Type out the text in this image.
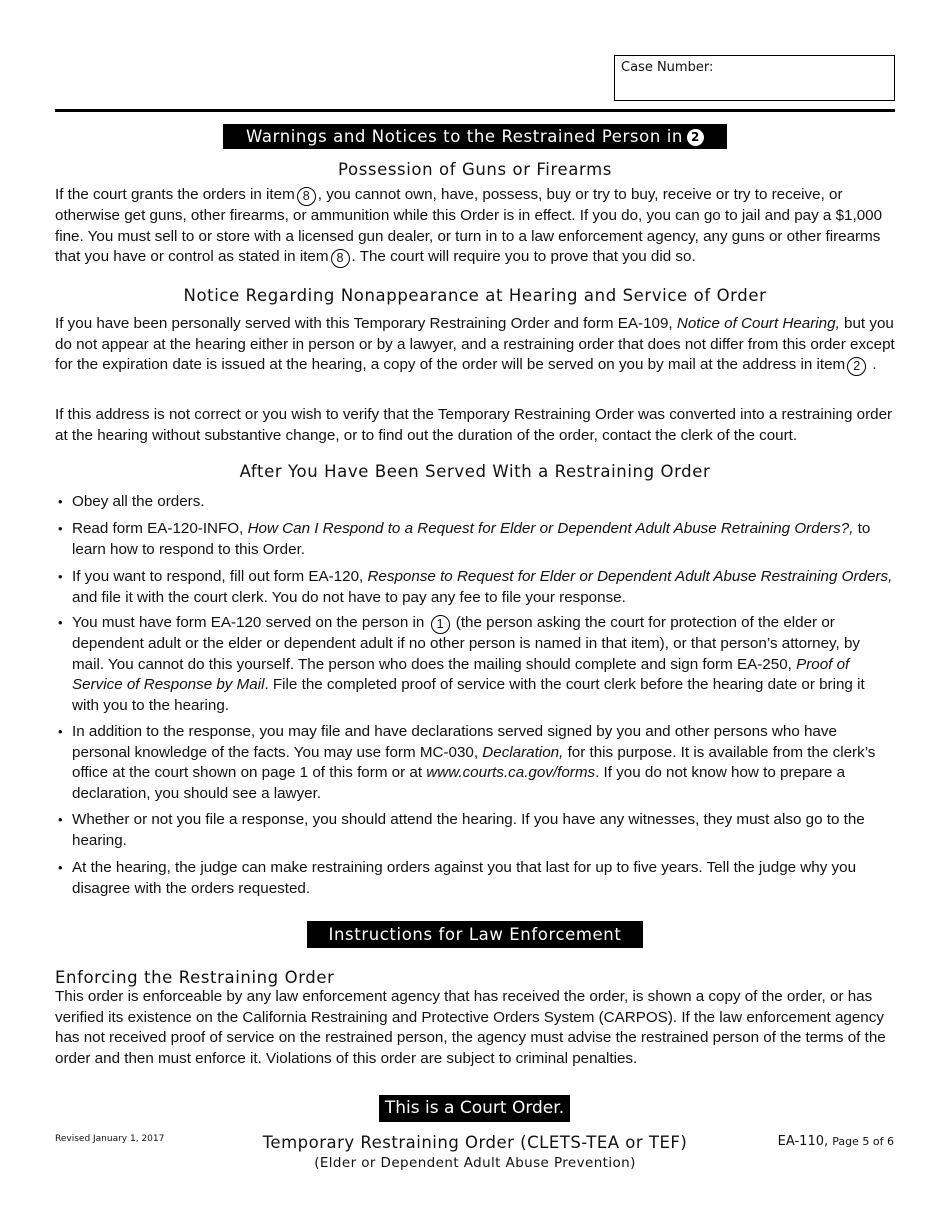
Case Number:
Warnings and Notices to the Restrained Person in 2
Possession of Guns or Firearms

If the court grants the orders in item 8 , you cannot own, have, possess, buy or try to buy, receive or try to receive, or otherwise get guns, other firearms, or ammunition while this Order is in effect. If you do, you can go to jail and pay a $1,000 fine. You must sell to or store with a licensed gun dealer, or turn in to a law enforcement agency, any guns or other firearms that you have or control as stated in item 8 . The court will require you to prove that you did so.

Notice Regarding Nonappearance at Hearing and Service of Order

If you have been personally served with this Temporary Restraining Order and form EA-109, Notice of Court Hearing, but you do not appear at the hearing either in person or by a lawyer, and a restraining order that does not differ from this order except for the expiration date is issued at the hearing, a copy of the order will be served on you by mail at the address in item 2 .

If this address is not correct or you wish to verify that the Temporary Restraining Order was converted into a restraining order at the hearing without substantive change, or to find out the duration of the order, contact the clerk of the court.

After You Have Been Served With a Restraining Order
• Obey all the orders.
• Read form EA-120-INFO, How Can I Respond to a Request for Elder or Dependent Adult Abuse Retraining Orders?, to learn how to respond to this Order.
• If you want to respond, fill out form EA-120, Response to Request for Elder or Dependent Adult Abuse Restraining Orders, and file it with the court clerk. You do not have to pay any fee to file your response.
• You must have form EA-120 served on the person in 1 (the person asking the court for protection of the elder or dependent adult or the elder or dependent adult if no other person is named in that item), or that person’s attorney, by mail. You cannot do this yourself. The person who does the mailing should complete and sign form EA-250, Proof of Service of Response by Mail. File the completed proof of service with the court clerk before the hearing date or bring it with you to the hearing.
• In addition to the response, you may file and have declarations served signed by you and other persons who have personal knowledge of the facts. You may use form MC-030, Declaration, for this purpose. It is available from the clerk’s office at the court shown on page 1 of this form or at www.courts.ca.gov/forms. If you do not know how to prepare a declaration, you should see a lawyer.
• Whether or not you file a response, you should attend the hearing. If you have any witnesses, they must also go to the hearing.
• At the hearing, the judge can make restraining orders against you that last for up to five years. Tell the judge why you disagree with the orders requested.
Instructions for Law Enforcement
Enforcing the Restraining Order

This order is enforceable by any law enforcement agency that has received the order, is shown a copy of the order, or has verified its existence on the California Restraining and Protective Orders System (CARPOS). If the law enforcement agency has not received proof of service on the restrained person, the agency must advise the restrained person of the terms of the order and then must enforce it. Violations of this order are subject to criminal penalties.

This is a Court Order.
Revised January 1, 2017	Temporary Restraining Order (CLETS-TEA or TEF)
(Elder or Dependent Adult Abuse Prevention)
EA-110, Page 5 of 6
